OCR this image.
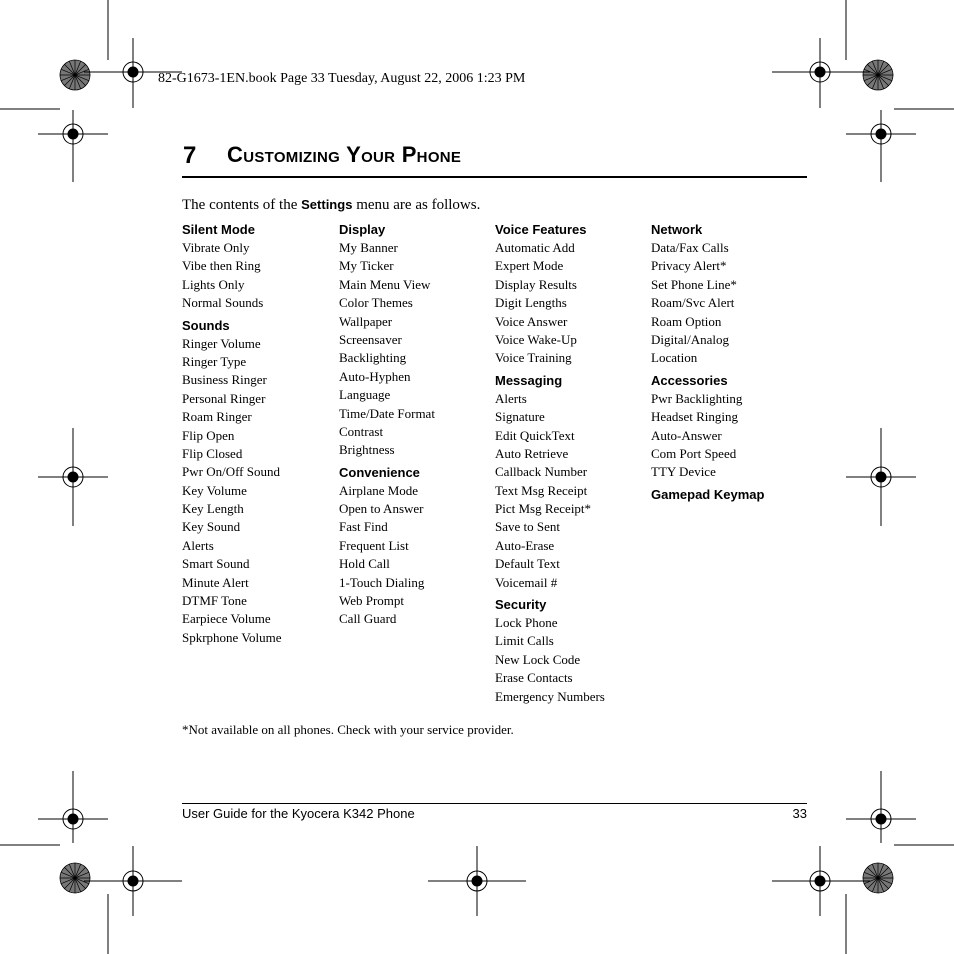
82-G1673-1EN.book Page 33 Tuesday, August 22, 2006 1:23 PM
7 Customizing Your Phone
The contents of the Settings menu are as follows.
Silent Mode
Vibrate Only
Vibe then Ring
Lights Only
Normal Sounds
Sounds
Ringer Volume
Ringer Type
Business Ringer
Personal Ringer
Roam Ringer
Flip Open
Flip Closed
Pwr On/Off Sound
Key Volume
Key Length
Key Sound
Alerts
Smart Sound
Minute Alert
DTMF Tone
Earpiece Volume
Spkrphone Volume
Display
My Banner
My Ticker
Main Menu View
Color Themes
Wallpaper
Screensaver
Backlighting
Auto-Hyphen
Language
Time/Date Format
Contrast
Brightness
Convenience
Airplane Mode
Open to Answer
Fast Find
Frequent List
Hold Call
1-Touch Dialing
Web Prompt
Call Guard
Voice Features
Automatic Add
Expert Mode
Display Results
Digit Lengths
Voice Answer
Voice Wake-Up
Voice Training
Messaging
Alerts
Signature
Edit QuickText
Auto Retrieve
Callback Number
Text Msg Receipt
Pict Msg Receipt*
Save to Sent
Auto-Erase
Default Text
Voicemail #
Security
Lock Phone
Limit Calls
New Lock Code
Erase Contacts
Emergency Numbers
Network
Data/Fax Calls
Privacy Alert*
Set Phone Line*
Roam/Svc Alert
Roam Option
Digital/Analog
Location
Accessories
Pwr Backlighting
Headset Ringing
Auto-Answer
Com Port Speed
TTY Device
Gamepad Keymap
*Not available on all phones. Check with your service provider.
User Guide for the Kyocera K342 Phone	33
